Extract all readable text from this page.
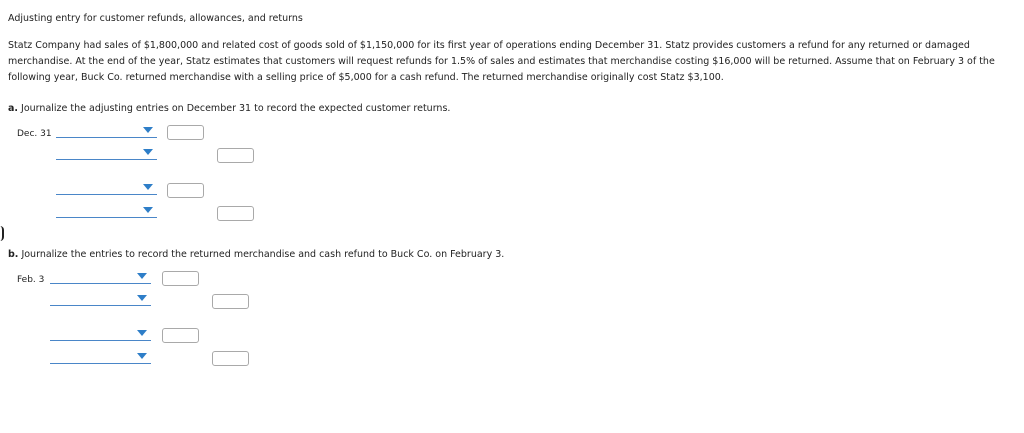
Adjusting entry for customer refunds, allowances, and returns
Statz Company had sales of $1,800,000 and related cost of goods sold of $1,150,000 for its first year of operations ending December 31. Statz provides customers a refund for any returned or damaged
merchandise. At the end of the year, Statz estimates that customers will request refunds for 1.5% of sales and estimates that merchandise costing $16,000 will be returned. Assume that on February 3 of the
following year, Buck Co. returned merchandise with a selling price of $5,000 for a cash refund. The returned merchandise originally cost Statz $3,100.
a. Journalize the adjusting entries on December 31 to record the expected customer returns.
Dec. 31
b. Journalize the entries to record the returned merchandise and cash refund to Buck Co. on February 3.
Feb. 3
